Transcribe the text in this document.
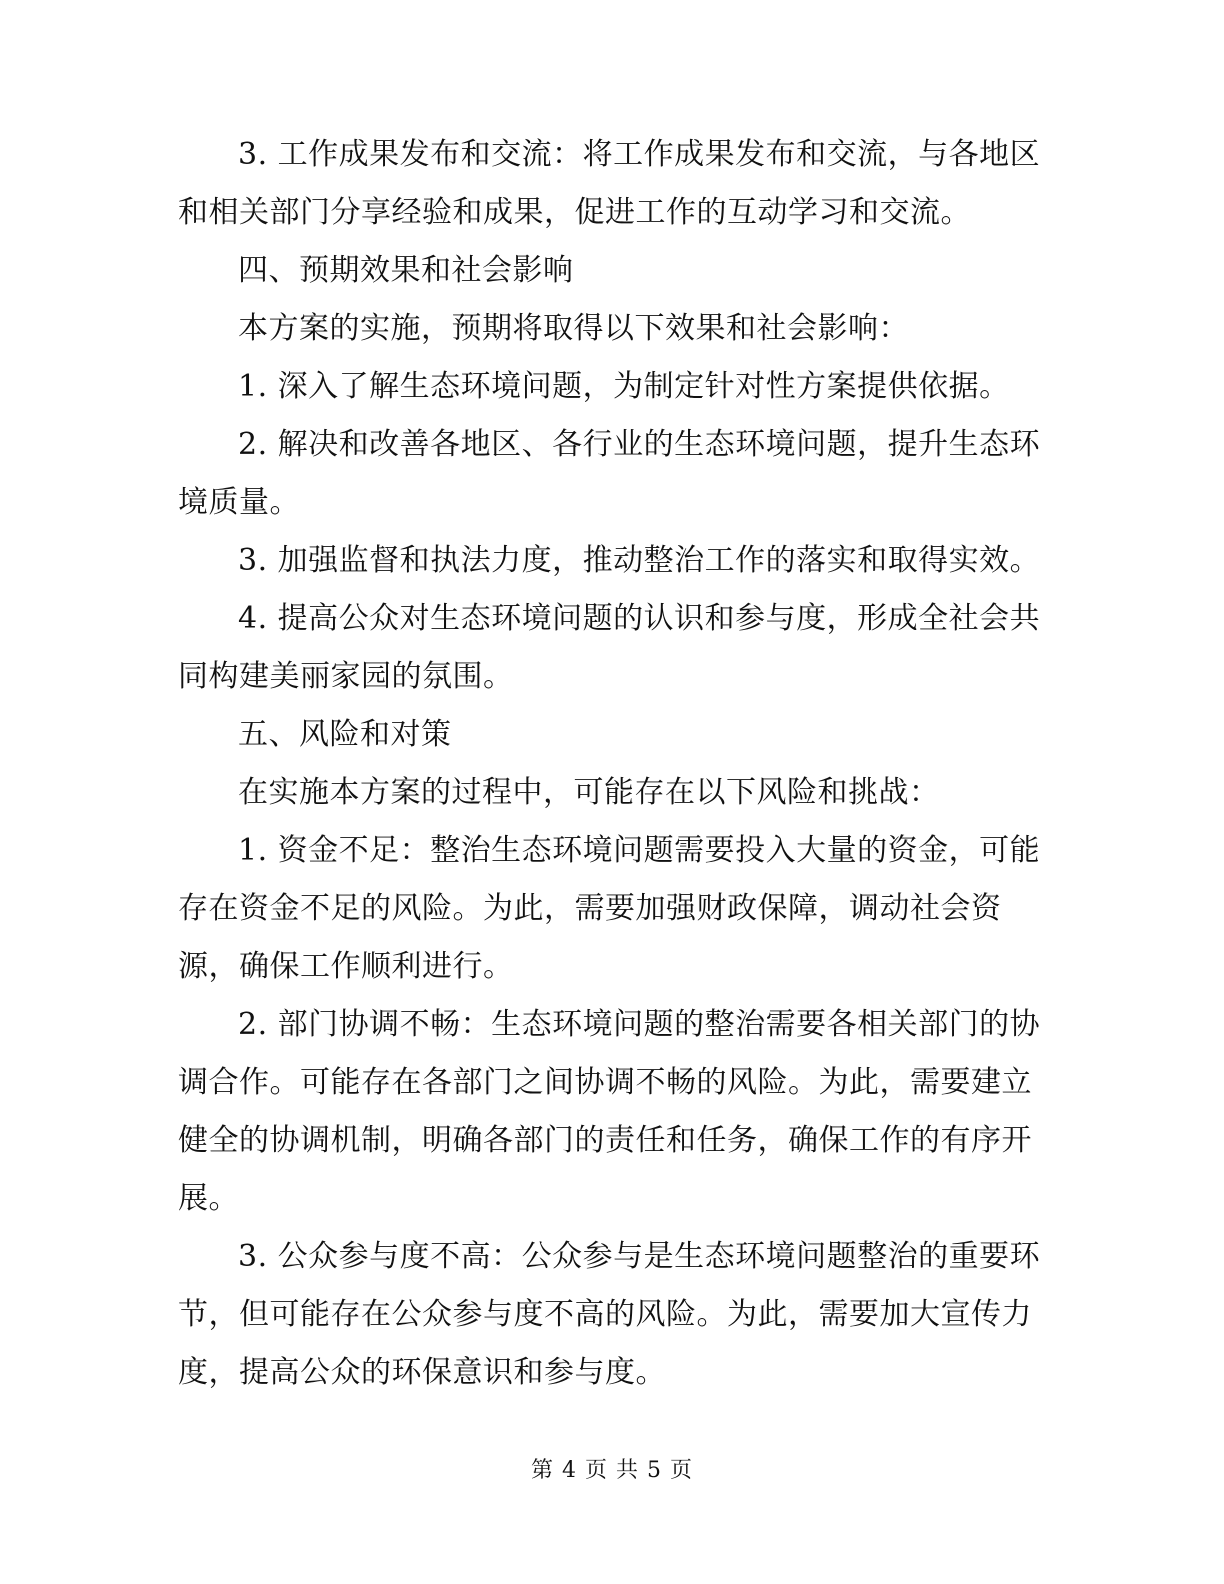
3. 工作成果发布和交流：将工作成果发布和交流，与各地区
和相关部门分享经验和成果，促进工作的互动学习和交流。
四、预期效果和社会影响
本方案的实施，预期将取得以下效果和社会影响：
1. 深入了解生态环境问题，为制定针对性方案提供依据。
2. 解决和改善各地区、各行业的生态环境问题，提升生态环
境质量。
3. 加强监督和执法力度，推动整治工作的落实和取得实效。
4. 提高公众对生态环境问题的认识和参与度，形成全社会共
同构建美丽家园的氛围。
五、风险和对策
在实施本方案的过程中，可能存在以下风险和挑战：
1. 资金不足：整治生态环境问题需要投入大量的资金，可能
存在资金不足的风险。为此，需要加强财政保障，调动社会资
源，确保工作顺利进行。
2. 部门协调不畅：生态环境问题的整治需要各相关部门的协
调合作。可能存在各部门之间协调不畅的风险。为此，需要建立
健全的协调机制，明确各部门的责任和任务，确保工作的有序开
展。
3. 公众参与度不高：公众参与是生态环境问题整治的重要环
节，但可能存在公众参与度不高的风险。为此，需要加大宣传力
度，提高公众的环保意识和参与度。
第 4 页 共 5 页
